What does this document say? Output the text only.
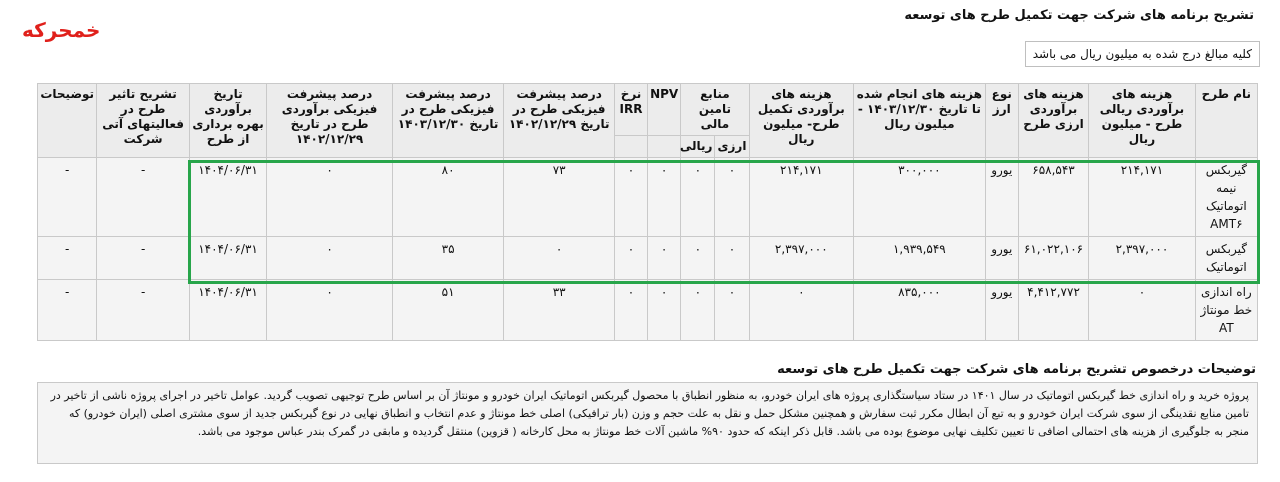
خمحرکه
تشریح برنامه های شرکت جهت تکمیل طرح های توسعه
کلیه مبالغ درج شده به میلیون ریال می باشد
نام طرح	هزینه های برآوردی ریالی طرح - میلیون ریال	هزینه های برآوردی ارزی طرح	نوع ارز	هزینه های انجام شده تا تاریخ ۱۴۰۳/۱۲/۳۰ - میلیون ریال	هزینه های برآوردی تکمیل طرح- میلیون ریال	منابع تامین مالی		NPV	نرخ IRR	درصد پیشرفت فیزیکی طرح در تاریخ ۱۴۰۲/۱۲/۲۹	درصد پیشرفت فیزیکی طرح در تاریخ ۱۴۰۳/۱۲/۳۰	درصد پیشرفت فیزیکی برآوردی طرح در تاریخ ۱۴۰۲/۱۲/۲۹	تاریخ برآوردی بهره برداری از طرح	تشریح تاثیر طرح در فعالیتهای آتی شرکت	توضیحات
						ارزی	ریالی								
گیربکس نیمه اتوماتیک AMT۶	۲۱۴,۱۷۱	۶۵۸,۵۴۳	یورو	۳۰۰,۰۰۰	۲۱۴,۱۷۱	۰	۰	۰	۰	۷۳	۸۰	۰	۱۴۰۴/۰۶/۳۱	-	-
گیربکس اتوماتیک	۲,۳۹۷,۰۰۰	۶۱,۰۲۲,۱۰۶	یورو	۱,۹۳۹,۵۴۹	۲,۳۹۷,۰۰۰	۰	۰	۰	۰	۰	۳۵	۰	۱۴۰۴/۰۶/۳۱	-	-
راه اندازی خط مونتاژ AT	۰	۴,۴۱۲,۷۷۲	یورو	۸۳۵,۰۰۰	۰	۰	۰	۰	۰	۳۳	۵۱	۰	۱۴۰۴/۰۶/۳۱	-	-
توضیحات درخصوص تشریح برنامه های شرکت جهت تکمیل طرح های توسعه
پروژه خرید و راه اندازی خط گیربکس اتوماتیک در سال ۱۴۰۱ در ستاد سیاستگذاری پروژه های ایران خودرو، به منظور انطباق با محصول گیربکس اتوماتیک ایران خودرو و مونتاژ آن بر اساس طرح توجیهی تصویب گردید. عوامل تاخیر در اجرای پروژه ناشی از تاخیر در تامین منابع نقدینگی از سوی شرکت ایران خودرو و به تبع آن ابطال مکرر ثبت سفارش و همچنین مشکل حمل و نقل به علت حجم و وزن (بار ترافیکی) اصلی خط مونتاژ و عدم انتخاب و انطباق نهایی در نوع گیربکس جدید از سوی مشتری اصلی (ایران خودرو) که منجر به جلوگیری از هزینه های احتمالی اضافی تا تعیین تکلیف نهایی موضوع بوده می باشد. قابل ذکر اینکه که حدود ۹۰% ماشین آلات خط مونتاژ به محل کارخانه ( قزوین) منتقل گردیده و مابقی در گمرک بندر عباس موجود می باشد.
